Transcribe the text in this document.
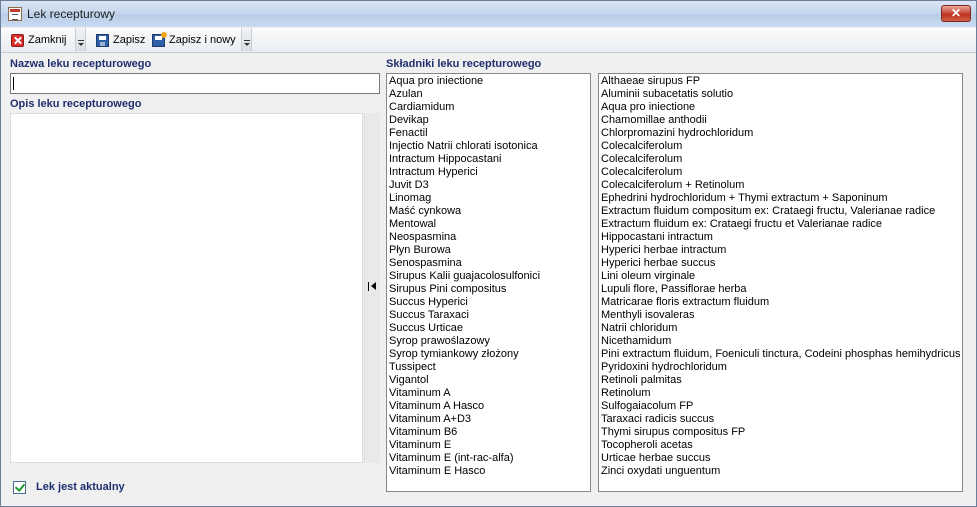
Lek recepturowy	✕
Zamknij	Zapisz Zapisz i nowy
Nazwa leku recepturowego
Opis leku recepturowego
Składniki leku recepturowego
Aqua pro iniectione
Azulan
Cardiamidum
Devikap
Fenactil
Injectio Natrii chlorati isotonica
Intractum Hippocastani
Intractum Hyperici
Juvit D3
Linomag
Maść cynkowa
Mentowal
Neospasmina
Płyn Burowa
Senospasmina
Sirupus Kalii guajacolosulfonici
Sirupus Pini compositus
Succus Hyperici
Succus Taraxaci
Succus Urticae
Syrop prawoślazowy
Syrop tymiankowy złożony
Tussipect
Vigantol
Vitaminum A
Vitaminum A Hasco
Vitaminum A+D3
Vitaminum B6
Vitaminum E
Vitaminum E (int-rac-alfa)
Vitaminum E Hasco
Althaeae sirupus FP
Aluminii subacetatis solutio
Aqua pro iniectione
Chamomillae anthodii
Chlorpromazini hydrochloridum
Colecalciferolum
Colecalciferolum
Colecalciferolum
Colecalciferolum + Retinolum
Ephedrini hydrochloridum + Thymi extractum + Saponinum
Extractum fluidum compositum ex: Crataegi fructu, Valerianae radice
Extractum fluidum ex: Crataegi fructu et Valerianae radice
Hippocastani intractum
Hyperici herbae intractum
Hyperici herbae succus
Lini oleum virginale
Lupuli flore, Passiflorae herba
Matricarae floris extractum fluidum
Menthyli isovaleras
Natrii chloridum
Nicethamidum
Pini extractum fluidum, Foeniculi tinctura, Codeini phosphas hemihydricus
Pyridoxini hydrochloridum
Retinoli palmitas
Retinolum
Sulfogaiacolum FP
Taraxaci radicis succus
Thymi sirupus compositus FP
Tocopheroli acetas
Urticae herbae succus
Zinci oxydati unguentum
Lek jest aktualny
